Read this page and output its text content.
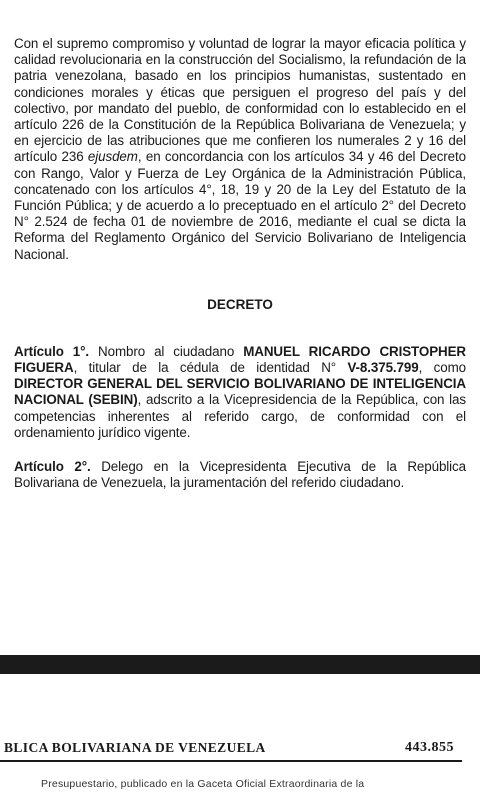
Con el supremo compromiso y voluntad de lograr la mayor eficacia política y calidad revolucionaria en la construcción del Socialismo, la refundación de la patria venezolana, basado en los principios humanistas, sustentado en condiciones morales y éticas que persiguen el progreso del país y del colectivo, por mandato del pueblo, de conformidad con lo establecido en el artículo 226 de la Constitución de la República Bolivariana de Venezuela; y en ejercicio de las atribuciones que me confieren los numerales 2 y 16 del artículo 236 ejusdem, en concordancia con los artículos 34 y 46 del Decreto con Rango, Valor y Fuerza de Ley Orgánica de la Administración Pública, concatenado con los artículos 4°, 18, 19 y 20 de la Ley del Estatuto de la Función Pública; y de acuerdo a lo preceptuado en el artículo 2° del Decreto N° 2.524 de fecha 01 de noviembre de 2016, mediante el cual se dicta la Reforma del Reglamento Orgánico del Servicio Bolivariano de Inteligencia Nacional.

DECRETO

Artículo 1°. Nombro al ciudadano MANUEL RICARDO CRISTOPHER FIGUERA, titular de la cédula de identidad N° V-8.375.799, como DIRECTOR GENERAL DEL SERVICIO BOLIVARIANO DE INTELIGENCIA NACIONAL (SEBIN), adscrito a la Vicepresidencia de la República, con las competencias inherentes al referido cargo, de conformidad con el ordenamiento jurídico vigente.

Artículo 2°. Delego en la Vicepresidenta Ejecutiva de la República Bolivariana de Venezuela, la juramentación del referido ciudadano.

BLICA BOLIVARIANA DE VENEZUELA	443.855
Presupuestario, publicado en la Gaceta Oficial Extraordinaria de la
